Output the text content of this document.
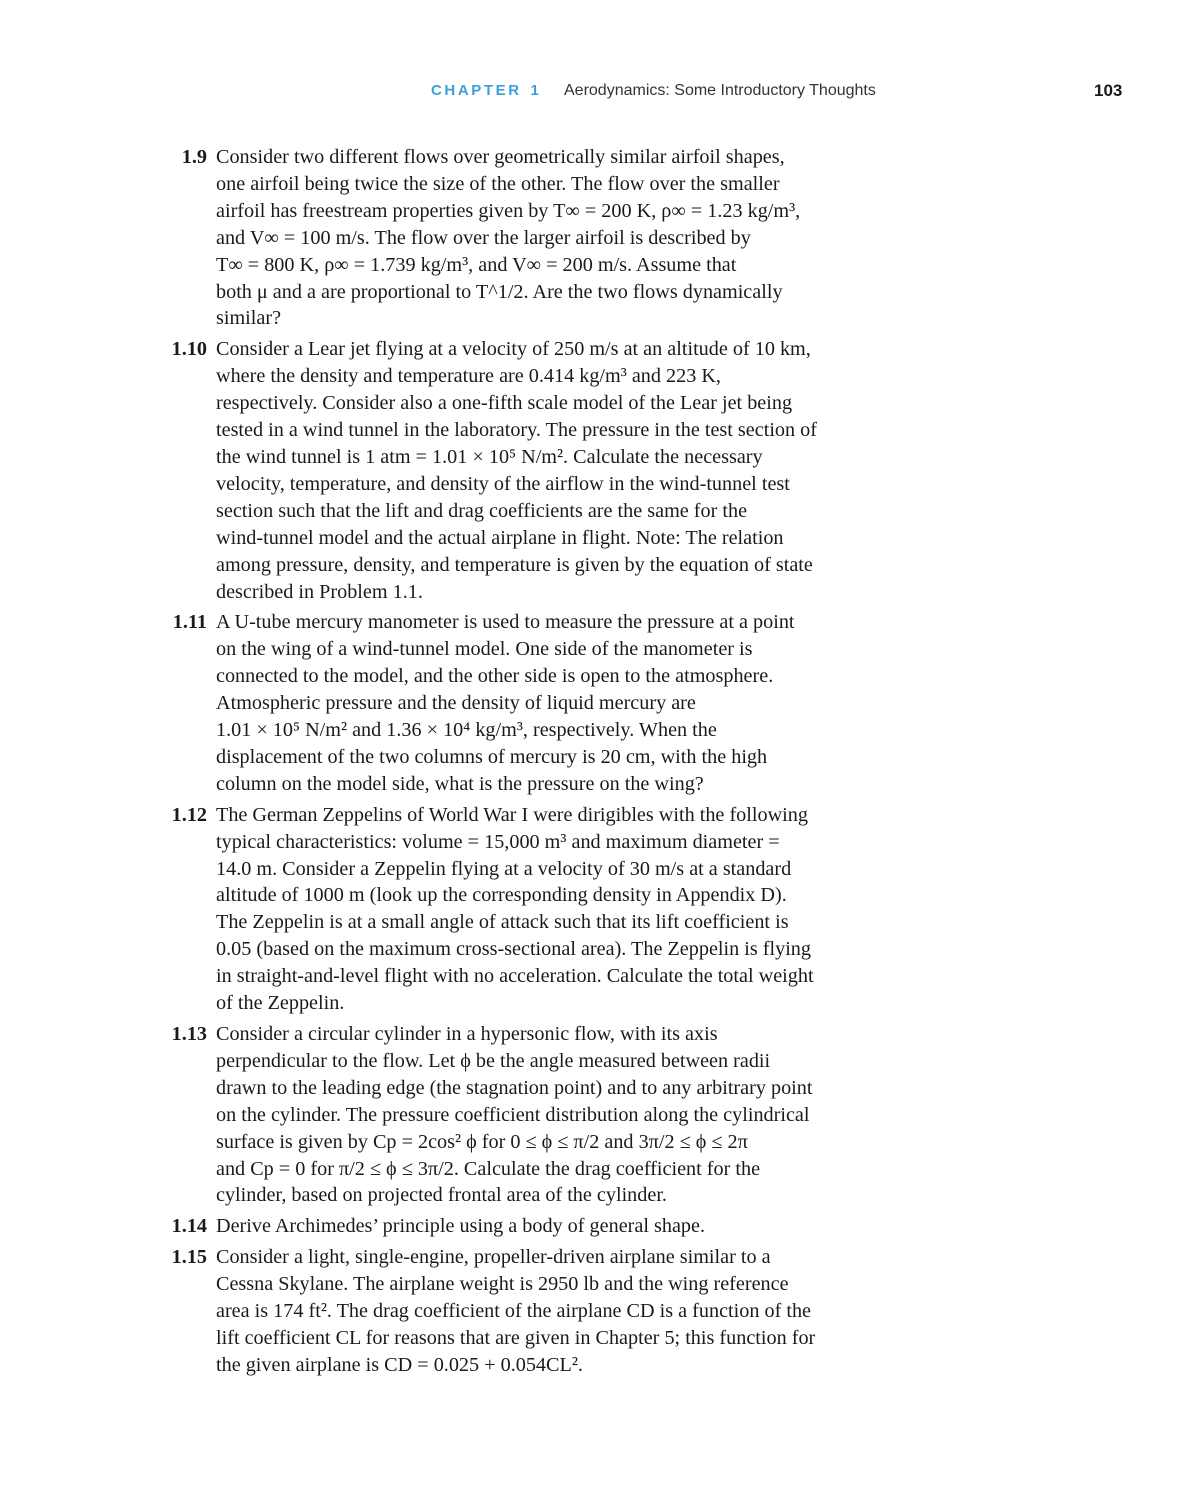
CHAPTER 1 Aerodynamics: Some Introductory Thoughts	103
1.9 Consider two different flows over geometrically similar airfoil shapes,
one airfoil being twice the size of the other. The flow over the smaller
airfoil has freestream properties given by T∞ = 200 K, ρ∞ = 1.23 kg/m³,
and V∞ = 100 m/s. The flow over the larger airfoil is described by
T∞ = 800 K, ρ∞ = 1.739 kg/m³, and V∞ = 200 m/s. Assume that
both μ and a are proportional to T^1/2. Are the two flows dynamically
similar?
1.10 Consider a Lear jet flying at a velocity of 250 m/s at an altitude of 10 km,
where the density and temperature are 0.414 kg/m³ and 223 K,
respectively. Consider also a one-fifth scale model of the Lear jet being
tested in a wind tunnel in the laboratory. The pressure in the test section of
the wind tunnel is 1 atm = 1.01 × 10⁵ N/m². Calculate the necessary
velocity, temperature, and density of the airflow in the wind-tunnel test
section such that the lift and drag coefficients are the same for the
wind-tunnel model and the actual airplane in flight. Note: The relation
among pressure, density, and temperature is given by the equation of state
described in Problem 1.1.
1.11 A U-tube mercury manometer is used to measure the pressure at a point
on the wing of a wind-tunnel model. One side of the manometer is
connected to the model, and the other side is open to the atmosphere.
Atmospheric pressure and the density of liquid mercury are
1.01 × 10⁵ N/m² and 1.36 × 10⁴ kg/m³, respectively. When the
displacement of the two columns of mercury is 20 cm, with the high
column on the model side, what is the pressure on the wing?
1.12 The German Zeppelins of World War I were dirigibles with the following
typical characteristics: volume = 15,000 m³ and maximum diameter =
14.0 m. Consider a Zeppelin flying at a velocity of 30 m/s at a standard
altitude of 1000 m (look up the corresponding density in Appendix D).
The Zeppelin is at a small angle of attack such that its lift coefficient is
0.05 (based on the maximum cross-sectional area). The Zeppelin is flying
in straight-and-level flight with no acceleration. Calculate the total weight
of the Zeppelin.
1.13 Consider a circular cylinder in a hypersonic flow, with its axis
perpendicular to the flow. Let ϕ be the angle measured between radii
drawn to the leading edge (the stagnation point) and to any arbitrary point
on the cylinder. The pressure coefficient distribution along the cylindrical
surface is given by Cp = 2cos² ϕ for 0 ≤ ϕ ≤ π/2 and 3π/2 ≤ ϕ ≤ 2π
and Cp = 0 for π/2 ≤ ϕ ≤ 3π/2. Calculate the drag coefficient for the
cylinder, based on projected frontal area of the cylinder.
1.14 Derive Archimedes’ principle using a body of general shape.
1.15 Consider a light, single-engine, propeller-driven airplane similar to a
Cessna Skylane. The airplane weight is 2950 lb and the wing reference
area is 174 ft². The drag coefficient of the airplane CD is a function of the
lift coefficient CL for reasons that are given in Chapter 5; this function for
the given airplane is CD = 0.025 + 0.054CL².
